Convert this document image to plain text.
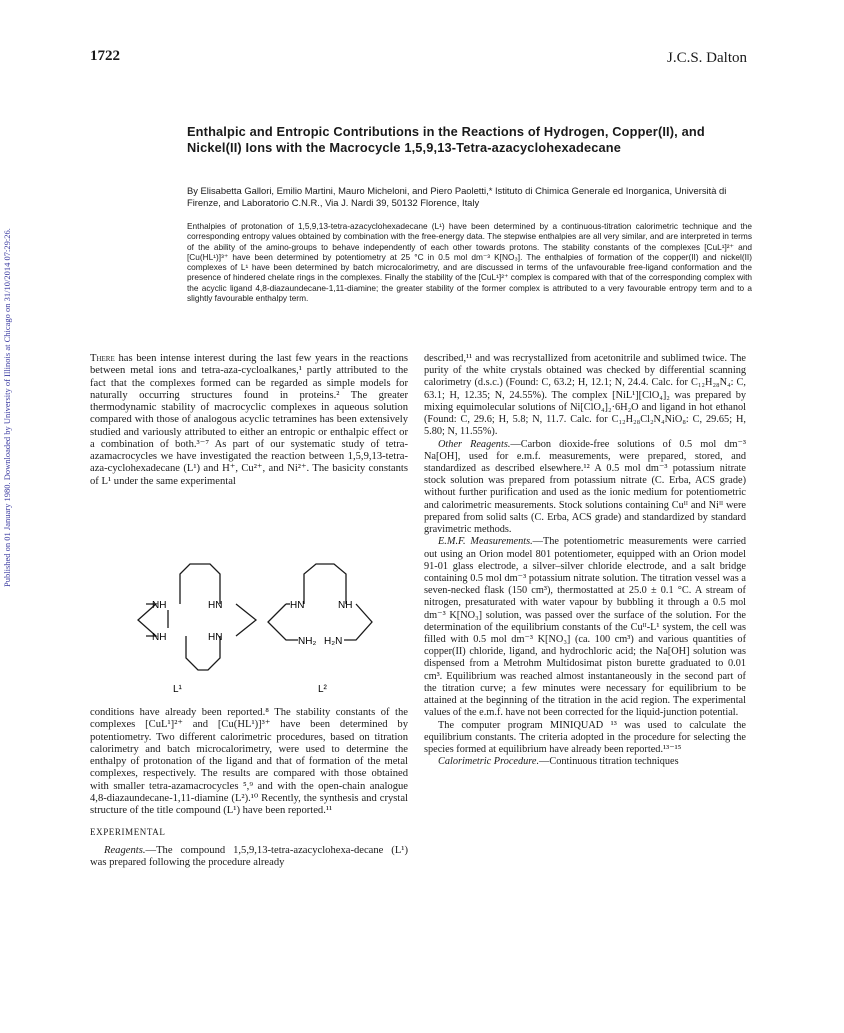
Published on 01 January 1980. Downloaded by University of Illinois at Chicago on 31/10/2014 07:29:26.
1722	J.C.S. Dalton
Enthalpic and Entropic Contributions in the Reactions of Hydrogen, Copper(II), and Nickel(II) Ions with the Macrocycle 1,5,9,13-Tetra-azacyclohexadecane
By Elisabetta Gallori, Emilio Martini, Mauro Micheloni, and Piero Paoletti,* Istituto di Chimica Generale ed Inorganica, Università di Firenze, and Laboratorio C.N.R., Via J. Nardi 39, 50132 Florence, Italy
Enthalpies of protonation of 1,5,9,13-tetra-azacyclohexadecane (L¹) have been determined by a continuous-titration calorimetric technique and the corresponding entropy values obtained by combination with the free-energy data. The stepwise enthalpies are all very similar, and are interpreted in terms of the ability of the amino-groups to behave independently of each other towards protons. The stability constants of the complexes [CuL¹]²⁺ and [Cu(HL¹)]³⁺ have been determined by potentiometry at 25 °C in 0.5 mol dm⁻³ K[NO₃]. The enthalpies of formation of the copper(II) and nickel(II) complexes of L¹ have been determined by batch microcalorimetry, and are discussed in terms of the unfavourable free-ligand conformation and the presence of hindered chelate rings in the complexes. Finally the stability of the [CuL¹]²⁺ complex is compared with that of the corresponding complex with the acyclic ligand 4,8-diazaundecane-1,11-diamine; the greater stability of the former complex is attributed to a very favourable entropy term and to a slightly favourable enthalpy term.

There has been intense interest during the last few years in the reactions between metal ions and tetra-aza-cycloalkanes,¹ partly attributed to the fact that the complexes formed can be regarded as simple models for naturally occurring structures found in proteins.² The greater thermodynamic stability of macrocyclic complexes in aqueous solution compared with those of analogous acyclic tetramines has been extensively studied and variously attributed to either an entropic or enthalpic effect or a combination of both.³⁻⁷ As part of our systematic study of tetra-azamacrocycles we have investigated the reaction between 1,5,9,13-tetra-aza-cyclohexadecane (L¹) and H⁺, Cu²⁺, and Ni²⁺. The basicity constants of L¹ under the same experimental

NH	HN
NH	HN
L¹
HN	NH
NH₂ H₂N
L²

conditions have already been reported.⁸ The stability constants of the complexes [CuL¹]²⁺ and [Cu(HL¹)]³⁺ have been determined by potentiometry. Two different calorimetric procedures, based on titration calorimetry and batch microcalorimetry, were used to determine the enthalpy of protonation of the ligand and that of formation of the metal complexes, respectively. The results are compared with those obtained with smaller tetra-azamacrocycles ⁵,⁹ and with the open-chain analogue 4,8-diazaundecane-1,11-diamine (L²).¹⁰ Recently, the synthesis and crystal structure of the title compound (L¹) have been reported.¹¹

EXPERIMENTAL

Reagents.—The compound 1,5,9,13-tetra-azacyclohexa-decane (L¹) was prepared following the procedure already

described,¹¹ and was recrystallized from acetonitrile and sublimed twice. The purity of the white crystals obtained was checked by differential scanning calorimetry (d.s.c.) (Found: C, 63.2; H, 12.1; N, 24.4. Calc. for C₁₂H₂₈N₄: C, 63.1; H, 12.35; N, 24.55%). The complex [NiL¹][ClO₄]₂ was prepared by mixing equimolecular solutions of Ni[ClO₄]₂·6H₂O and ligand in hot ethanol (Found: C, 29.6; H, 5.8; N, 11.7. Calc. for C₁₂H₂₈Cl₂N₄NiO₈: C, 29.65; H, 5.80; N, 11.55%).

Other Reagents.—Carbon dioxide-free solutions of 0.5 mol dm⁻³ Na[OH], used for e.m.f. measurements, were prepared, stored, and standardized as described elsewhere.¹² A 0.5 mol dm⁻³ potassium nitrate stock solution was prepared from potassium nitrate (C. Erba, ACS grade) without further purification and used as the ionic medium for potentiometric and calorimetric measurements. Stock solutions containing Cuᴵᴵ and Niᴵᴵ were prepared from solid salts (C. Erba, ACS grade) and standardized by standard gravimetric methods.

E.M.F. Measurements.—The potentiometric measurements were carried out using an Orion model 801 potentiometer, equipped with an Orion model 91-01 glass electrode, a silver–silver chloride electrode, and a salt bridge containing 0.5 mol dm⁻³ potassium nitrate solution. The titration vessel was a seven-necked flask (150 cm³), thermostatted at 25.0 ± 0.1 °C. A stream of nitrogen, presaturated with water vapour by bubbling it through a 0.5 mol dm⁻³ K[NO₃] solution, was passed over the surface of the solution. For the determination of the equilibrium constants of the Cuᴵᴵ-L¹ system, the cell was filled with 0.5 mol dm⁻³ K[NO₃] (ca. 100 cm³) and various quantities of copper(II) chloride, ligand, and hydrochloric acid; the Na[OH] solution was dispensed from a Metrohm Multidosimat piston burette graduated to 0.01 cm³. Equilibrium was reached almost instantaneously in the second part of the titration curve; a few minutes were necessary for equilibrium to be attained at the beginning of the titration in the acid region. The experimental values of the e.m.f. have not been corrected for the liquid-junction potential.

The computer program MINIQUAD ¹³ was used to calculate the equilibrium constants. The criteria adopted in the procedure for selecting the species formed at equilibrium have already been reported.¹³⁻¹⁵

Calorimetric Procedure.—Continuous titration techniques
